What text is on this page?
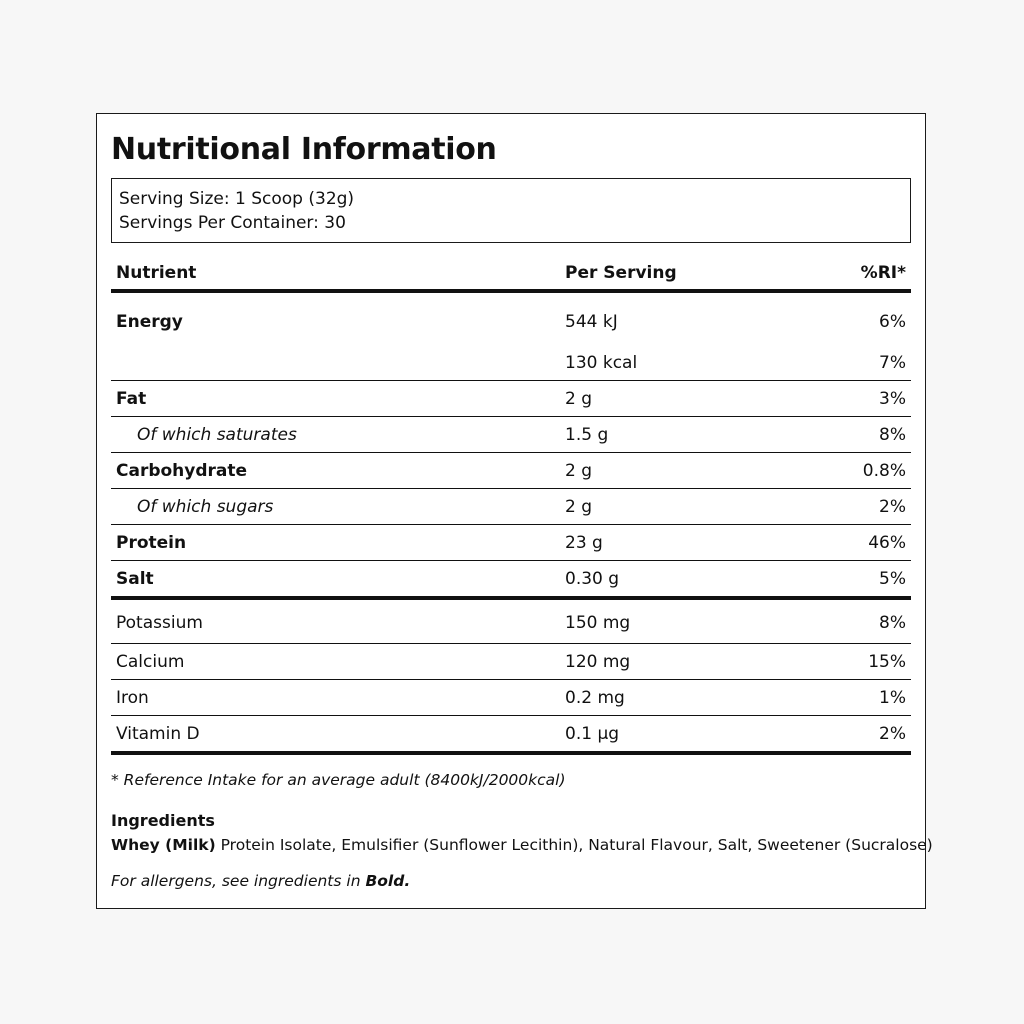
Nutritional Information
Serving Size: 1 Scoop (32g)
Servings Per Container: 30
Nutrient	Per Serving	%RI*
Energy	544 kJ	6%
	130 kcal	7%
Fat	2 g	3%
Of which saturates	1.5 g	8%
Carbohydrate	2 g	0.8%
Of which sugars	2 g	2%
Protein	23 g	46%
Salt	0.30 g	5%
Potassium	150 mg	8%
Calcium	120 mg	15%
Iron	0.2 mg	1%
Vitamin D	0.1 µg	2%
* Reference Intake for an average adult (8400kJ/2000kcal)
Ingredients
Whey (Milk) Protein Isolate, Emulsifier (Sunflower Lecithin), Natural Flavour, Salt, Sweetener (Sucralose)
For allergens, see ingredients in Bold.
